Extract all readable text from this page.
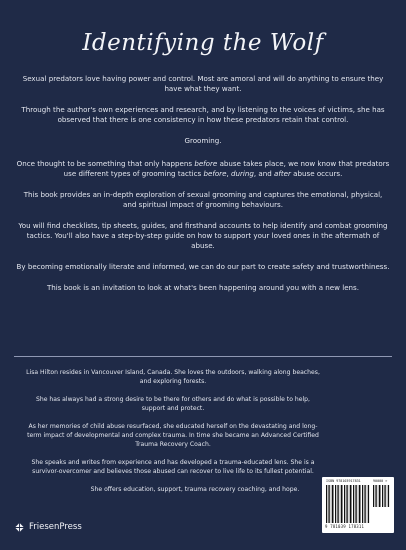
Identifying the Wolf

Sexual predators love having power and control. Most are amoral and will do anything to ensure they have what they want.

Through the author's own experiences and research, and by listening to the voices of victims, she has observed that there is one consistency in how these predators retain that control.

Grooming.

Once thought to be something that only happens before abuse takes place, we now know that predators use different types of grooming tactics before, during, and after abuse occurs.

This book provides an in-depth exploration of sexual grooming and captures the emotional, physical, and spiritual impact of grooming behaviours.

You will find checklists, tip sheets, guides, and firsthand accounts to help identify and combat grooming tactics. You'll also have a step-by-step guide on how to support your loved ones in the aftermath of abuse.

By becoming emotionally literate and informed, we can do our part to create safety and trustworthiness.

This book is an invitation to look at what's been happening around you with a new lens.

Lisa Hilton resides in Vancouver Island, Canada. She loves the outdoors, walking along beaches, and exploring forests.

She has always had a strong desire to be there for others and do what is possible to help, support and protect.

As her memories of child abuse resurfaced, she educated herself on the devastating and long-term impact of developmental and complex trauma. In time she became an Advanced Certified Trauma Recovery Coach.

She speaks and writes from experience and has developed a trauma-educated lens. She is a survivor-overcomer and believes those abused can recover to live life to its fullest potential.

She offers education, support, trauma recovery coaching, and hope.

FriesenPress
ISBN 978103917831	90000 >
9 781039 178311
